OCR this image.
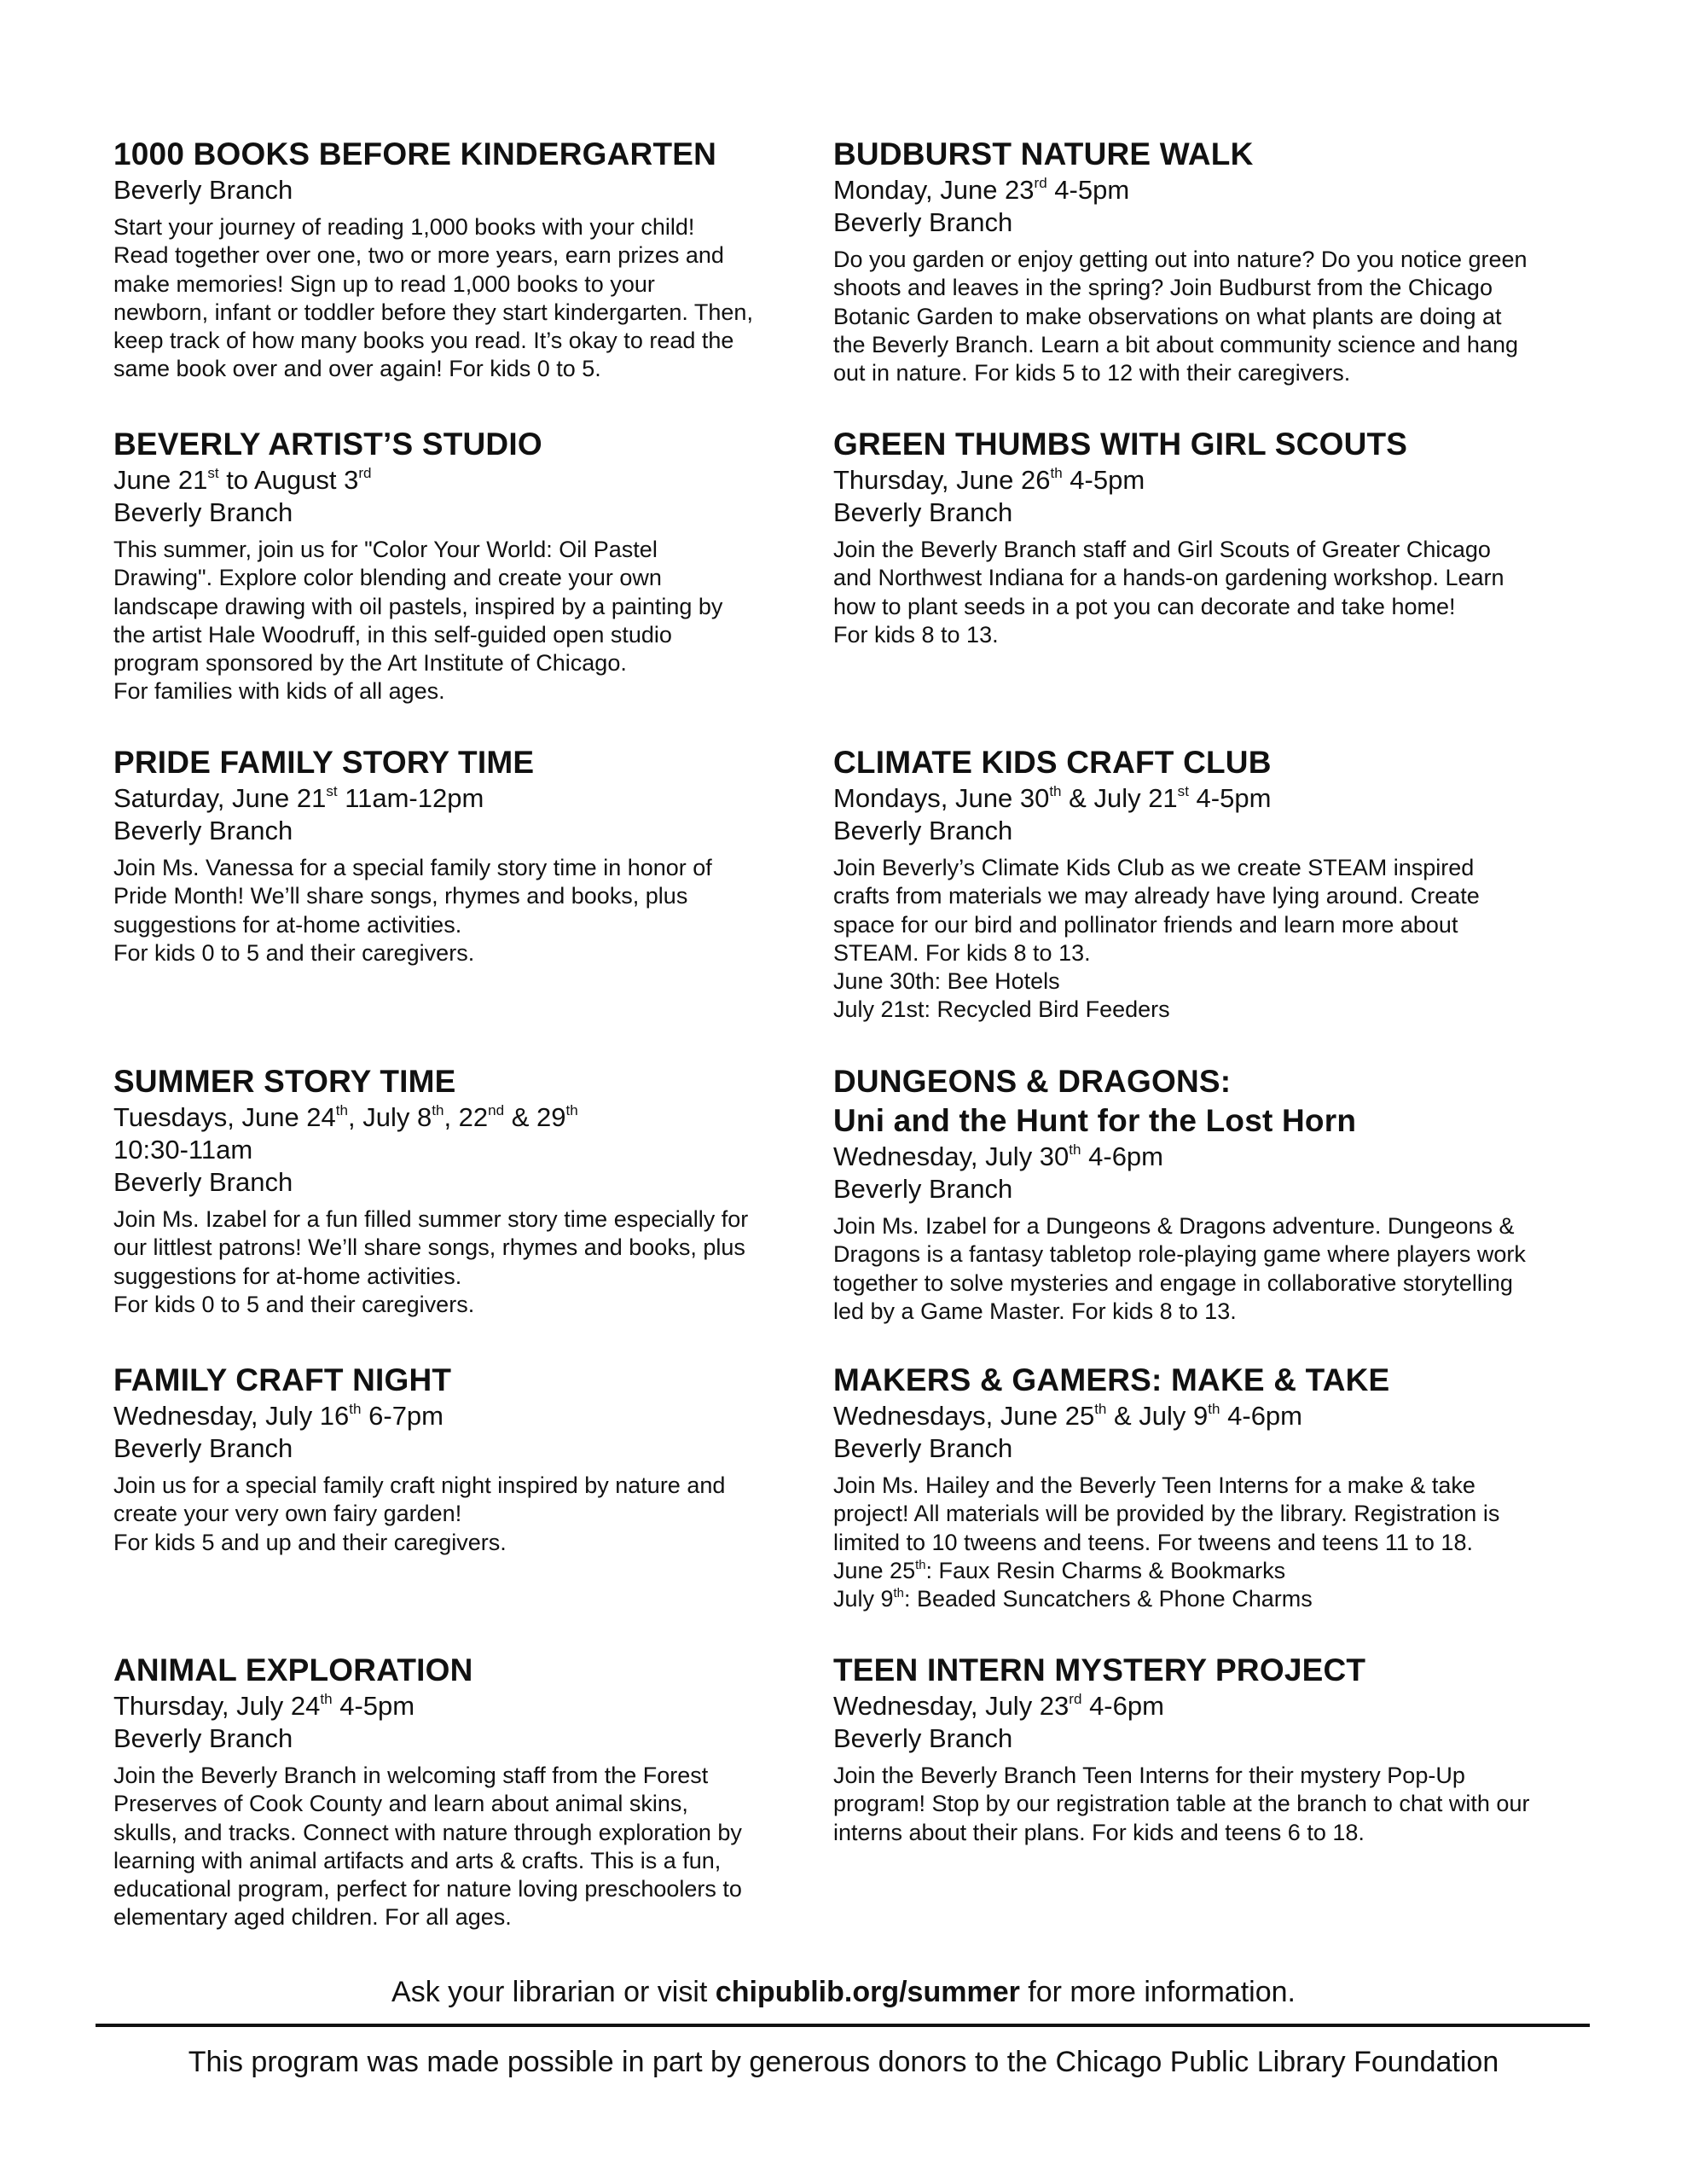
1000 BOOKS BEFORE KINDERGARTEN

Beverly Branch

Start your journey of reading 1,000 books with your child!
Read together over one, two or more years, earn prizes and
make memories! Sign up to read 1,000 books to your
newborn, infant or toddler before they start kindergarten. Then,
keep track of how many books you read. It’s okay to read the
same book over and over again! For kids 0 to 5.
BEVERLY ARTIST’S STUDIO

June 21st to August 3rd

Beverly Branch

This summer, join us for "Color Your World: Oil Pastel
Drawing". Explore color blending and create your own
landscape drawing with oil pastels, inspired by a painting by
the artist Hale Woodruff, in this self-guided open studio
program sponsored by the Art Institute of Chicago.
For families with kids of all ages.
PRIDE FAMILY STORY TIME

Saturday, June 21st 11am-12pm

Beverly Branch

Join Ms. Vanessa for a special family story time in honor of
Pride Month! We’ll share songs, rhymes and books, plus
suggestions for at-home activities.
For kids 0 to 5 and their caregivers.
SUMMER STORY TIME

Tuesdays, June 24th, July 8th, 22nd & 29th

10:30-11am

Beverly Branch

Join Ms. Izabel for a fun filled summer story time especially for
our littlest patrons! We’ll share songs, rhymes and books, plus
suggestions for at-home activities.
For kids 0 to 5 and their caregivers.
FAMILY CRAFT NIGHT

Wednesday, July 16th 6-7pm

Beverly Branch

Join us for a special family craft night inspired by nature and
create your very own fairy garden!
For kids 5 and up and their caregivers.
ANIMAL EXPLORATION

Thursday, July 24th 4-5pm

Beverly Branch

Join the Beverly Branch in welcoming staff from the Forest
Preserves of Cook County and learn about animal skins,
skulls, and tracks. Connect with nature through exploration by
learning with animal artifacts and arts & crafts. This is a fun,
educational program, perfect for nature loving preschoolers to
elementary aged children. For all ages.
BUDBURST NATURE WALK

Monday, June 23rd 4-5pm

Beverly Branch

Do you garden or enjoy getting out into nature? Do you notice green
shoots and leaves in the spring? Join Budburst from the Chicago
Botanic Garden to make observations on what plants are doing at
the Beverly Branch. Learn a bit about community science and hang
out in nature. For kids 5 to 12 with their caregivers.
GREEN THUMBS WITH GIRL SCOUTS

Thursday, June 26th 4-5pm

Beverly Branch

Join the Beverly Branch staff and Girl Scouts of Greater Chicago
and Northwest Indiana for a hands-on gardening workshop. Learn
how to plant seeds in a pot you can decorate and take home!
For kids 8 to 13.
CLIMATE KIDS CRAFT CLUB

Mondays, June 30th & July 21st 4-5pm

Beverly Branch

Join Beverly’s Climate Kids Club as we create STEAM inspired
crafts from materials we may already have lying around. Create
space for our bird and pollinator friends and learn more about
STEAM. For kids 8 to 13.
June 30th: Bee Hotels
July 21st: Recycled Bird Feeders
DUNGEONS & DRAGONS:
Uni and the Hunt for the Lost Horn

Wednesday, July 30th 4-6pm

Beverly Branch

Join Ms. Izabel for a Dungeons & Dragons adventure. Dungeons &
Dragons is a fantasy tabletop role-playing game where players work
together to solve mysteries and engage in collaborative storytelling
led by a Game Master. For kids 8 to 13.
MAKERS & GAMERS: MAKE & TAKE

Wednesdays, June 25th & July 9th 4-6pm

Beverly Branch

Join Ms. Hailey and the Beverly Teen Interns for a make & take
project! All materials will be provided by the library. Registration is
limited to 10 tweens and teens. For tweens and teens 11 to 18.
June 25th: Faux Resin Charms & Bookmarks
July 9th: Beaded Suncatchers & Phone Charms
TEEN INTERN MYSTERY PROJECT

Wednesday, July 23rd 4-6pm

Beverly Branch

Join the Beverly Branch Teen Interns for their mystery Pop-Up
program! Stop by our registration table at the branch to chat with our
interns about their plans. For kids and teens 6 to 18.
Ask your librarian or visit chipublib.org/summer for more information.
This program was made possible in part by generous donors to the Chicago Public Library Foundation
